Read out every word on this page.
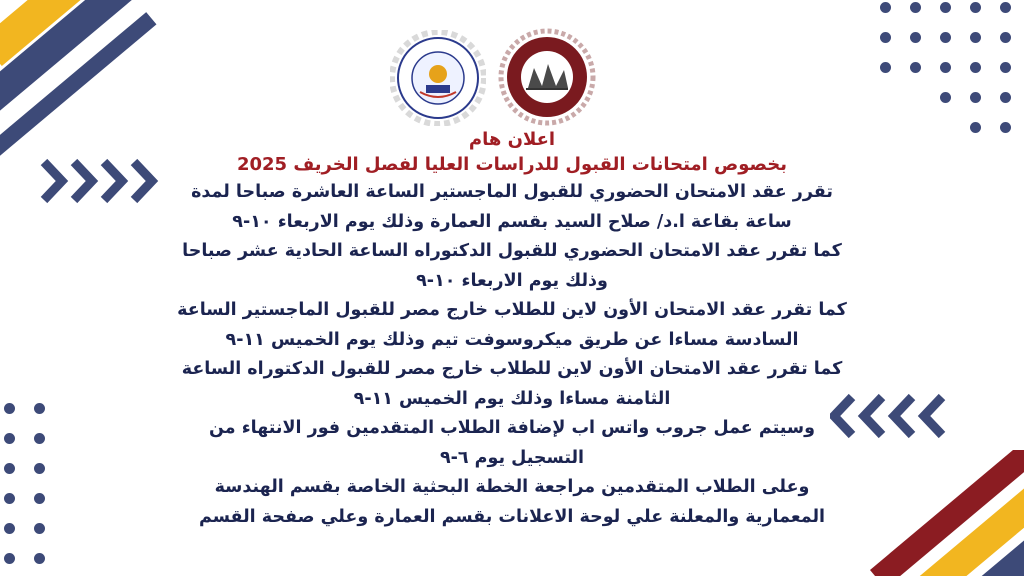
اعلان هام
بخصوص امتحانات القبول للدراسات العليا لفصل الخريف 2025

تقرر عقد الامتحان الحضوري للقبول الماجستير الساعة العاشرة صباحا لمدة
ساعة بقاعة ا.د/ صلاح السيد بقسم العمارة وذلك يوم الاربعاء ١٠-٩

كما تقرر عقد الامتحان الحضوري للقبول الدكتوراه الساعة الحادية عشر صباحا
وذلك يوم الاربعاء ١٠-٩

كما تقرر عقد الامتحان الأون لاين للطلاب خارج مصر للقبول الماجستير الساعة
السادسة مساءا عن طريق ميكروسوفت تيم وذلك يوم الخميس ١١-٩

كما تقرر عقد الامتحان الأون لاين للطلاب خارج مصر للقبول الدكتوراه الساعة
الثامنة مساءا وذلك يوم الخميس ١١-٩

وسيتم عمل جروب واتس اب لإضافة الطلاب المتقدمين فور الانتهاء من
التسجيل يوم ٦-٩

وعلى الطلاب المتقدمين مراجعة الخطة البحثية الخاصة بقسم الهندسة
المعمارية والمعلنة علي لوحة الاعلانات بقسم العمارة وعلي صفحة القسم
